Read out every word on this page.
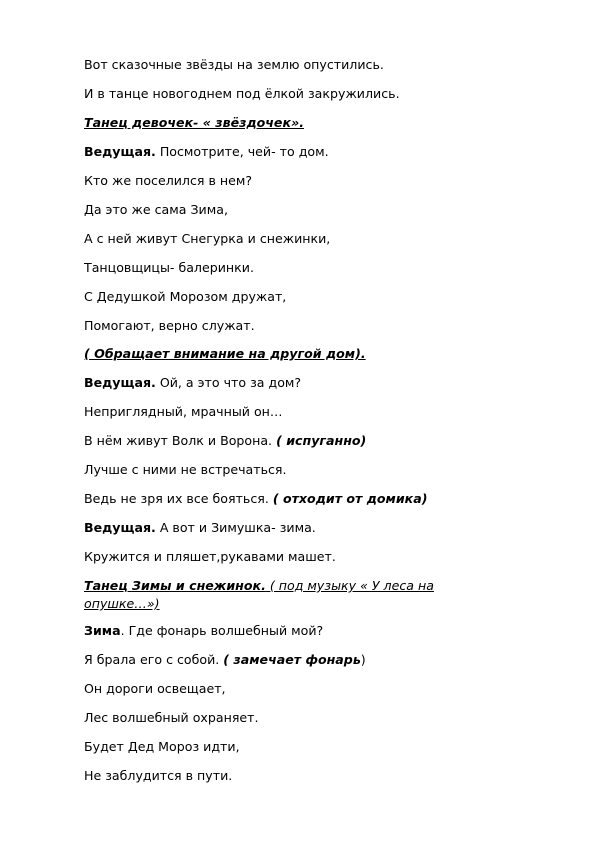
Вот сказочные звёзды на землю опустились.
И в танце новогоднем под ёлкой закружились.
Танец девочек- « звёздочек».
Ведущая. Посмотрите, чей- то дом.
Кто же поселился в нем?
Да это же сама Зима,
А с ней живут Снегурка и снежинки,
Танцовщицы- балеринки.
С Дедушкой Морозом дружат,
Помогают, верно служат.
( Обращает внимание на другой дом).
Ведущая. Ой, а это что за дом?
Неприглядный, мрачный он…
В нём живут Волк и Ворона. ( испуганно)
Лучше с ними не встречаться.
Ведь не зря их все бояться. ( отходит от домика)
Ведущая. А вот и Зимушка- зима.
Кружится и пляшет,рукавами машет.
Танец Зимы и снежинок. ( под музыку « У леса на
опушке…»)
Зима. Где фонарь волшебный мой?
Я брала его с собой. ( замечает фонарь)
Он дороги освещает,
Лес волшебный охраняет.
Будет Дед Мороз идти,
Не заблудится в пути.
